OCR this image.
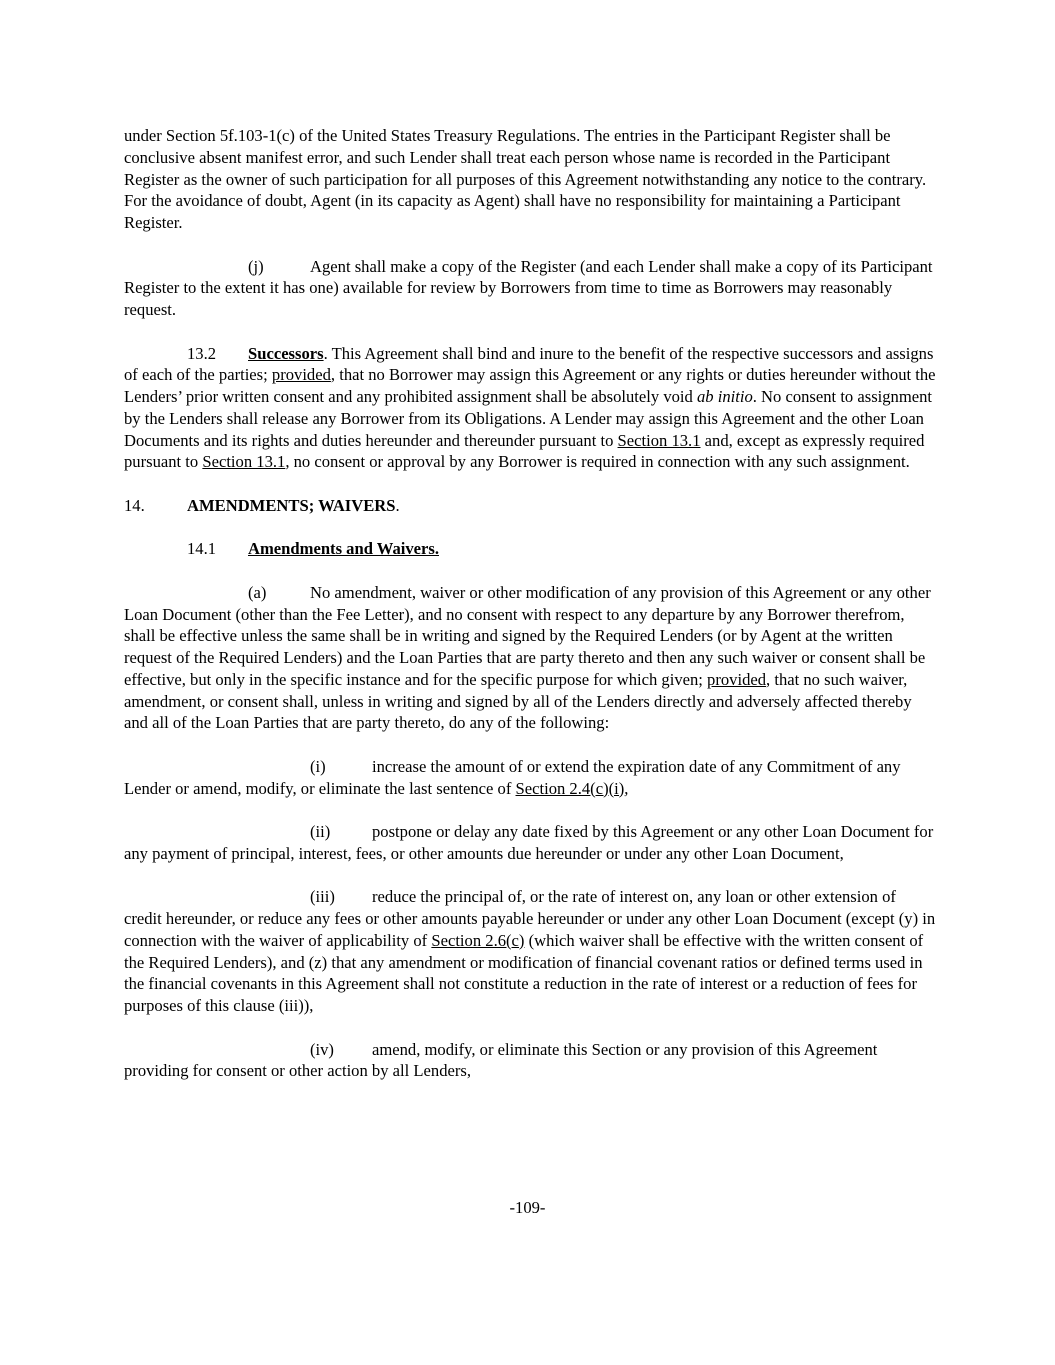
under Section 5f.103-1(c) of the United States Treasury Regulations. The entries in the Participant Register shall be conclusive absent manifest error, and such Lender shall treat each person whose name is recorded in the Participant Register as the owner of such participation for all purposes of this Agreement notwithstanding any notice to the contrary. For the avoidance of doubt, Agent (in its capacity as Agent) shall have no responsibility for maintaining a Participant Register.

(j)	Agent shall make a copy of the Register (and each Lender shall make a copy of its Participant Register to the extent it has one) available for review by Borrowers from time to time as Borrowers may reasonably request.

13.2 Successors. This Agreement shall bind and inure to the benefit of the respective successors and assigns of each of the parties; provided, that no Borrower may assign this Agreement or any rights or duties hereunder without the Lenders’ prior written consent and any prohibited assignment shall be absolutely void ab initio. No consent to assignment by the Lenders shall release any Borrower from its Obligations. A Lender may assign this Agreement and the other Loan Documents and its rights and duties hereunder and thereunder pursuant to Section 13.1 and, except as expressly required pursuant to Section 13.1, no consent or approval by any Borrower is required in connection with any such assignment.

14.	AMENDMENTS; WAIVERS.

14.1 Amendments and Waivers.

(a)	No amendment, waiver or other modification of any provision of this Agreement or any other Loan Document (other than the Fee Letter), and no consent with respect to any departure by any Borrower therefrom, shall be effective unless the same shall be in writing and signed by the Required Lenders (or by Agent at the written request of the Required Lenders) and the Loan Parties that are party thereto and then any such waiver or consent shall be effective, but only in the specific instance and for the specific purpose for which given; provided, that no such waiver, amendment, or consent shall, unless in writing and signed by all of the Lenders directly and adversely affected thereby and all of the Loan Parties that are party thereto, do any of the following:

(i)	increase the amount of or extend the expiration date of any Commitment of any Lender or amend, modify, or eliminate the last sentence of Section 2.4(c)(i),

(ii)	postpone or delay any date fixed by this Agreement or any other Loan Document for any payment of principal, interest, fees, or other amounts due hereunder or under any other Loan Document,

(iii) reduce the principal of, or the rate of interest on, any loan or other extension of credit hereunder, or reduce any fees or other amounts payable hereunder or under any other Loan Document (except (y) in connection with the waiver of applicability of Section 2.6(c) (which waiver shall be effective with the written consent of the Required Lenders), and (z) that any amendment or modification of financial covenant ratios or defined terms used in the financial covenants in this Agreement shall not constitute a reduction in the rate of interest or a reduction of fees for purposes of this clause (iii)),

(iv) amend, modify, or eliminate this Section or any provision of this Agreement providing for consent or other action by all Lenders,

-109-
